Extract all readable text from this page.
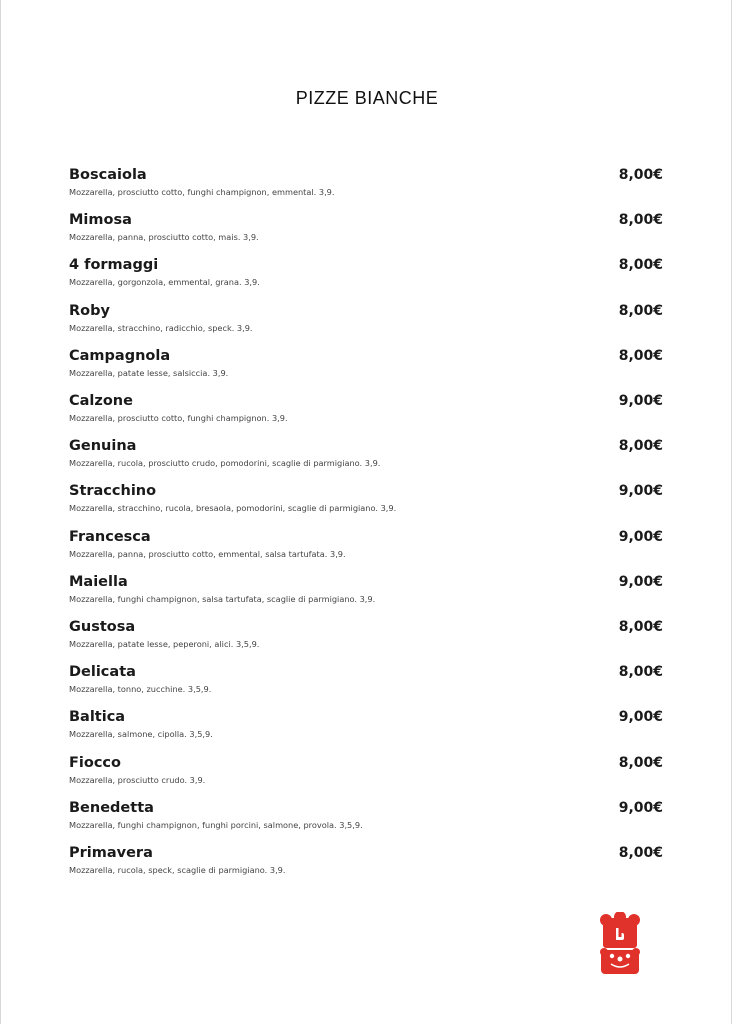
PIZZE BIANCHE
Boscaiola
Mozzarella, prosciutto cotto, funghi champignon, emmental. 3,9.
8,00€
Mimosa
Mozzarella, panna, prosciutto cotto, mais. 3,9.
8,00€
4 formaggi
Mozzarella, gorgonzola, emmental, grana. 3,9.
8,00€
Roby
Mozzarella, stracchino, radicchio, speck. 3,9.
8,00€
Campagnola
Mozzarella, patate lesse, salsiccia. 3,9.
8,00€
Calzone
Mozzarella, prosciutto cotto, funghi champignon. 3,9.
9,00€
Genuina
Mozzarella, rucola, prosciutto crudo, pomodorini, scaglie di parmigiano. 3,9.
8,00€
Stracchino
Mozzarella, stracchino, rucola, bresaola, pomodorini, scaglie di parmigiano. 3,9.
9,00€
Francesca
Mozzarella, panna, prosciutto cotto, emmental, salsa tartufata. 3,9.
9,00€
Maiella
Mozzarella, funghi champignon, salsa tartufata, scaglie di parmigiano. 3,9.
9,00€
Gustosa
Mozzarella, patate lesse, peperoni, alici. 3,5,9.
8,00€
Delicata
Mozzarella, tonno, zucchine. 3,5,9.
8,00€
Baltica
Mozzarella, salmone, cipolla. 3,5,9.
9,00€
Fiocco
Mozzarella, prosciutto crudo. 3,9.
8,00€
Benedetta
Mozzarella, funghi champignon, funghi porcini, salmone, provola. 3,5,9.
9,00€
Primavera
Mozzarella, rucola, speck, scaglie di parmigiano. 3,9.
8,00€
